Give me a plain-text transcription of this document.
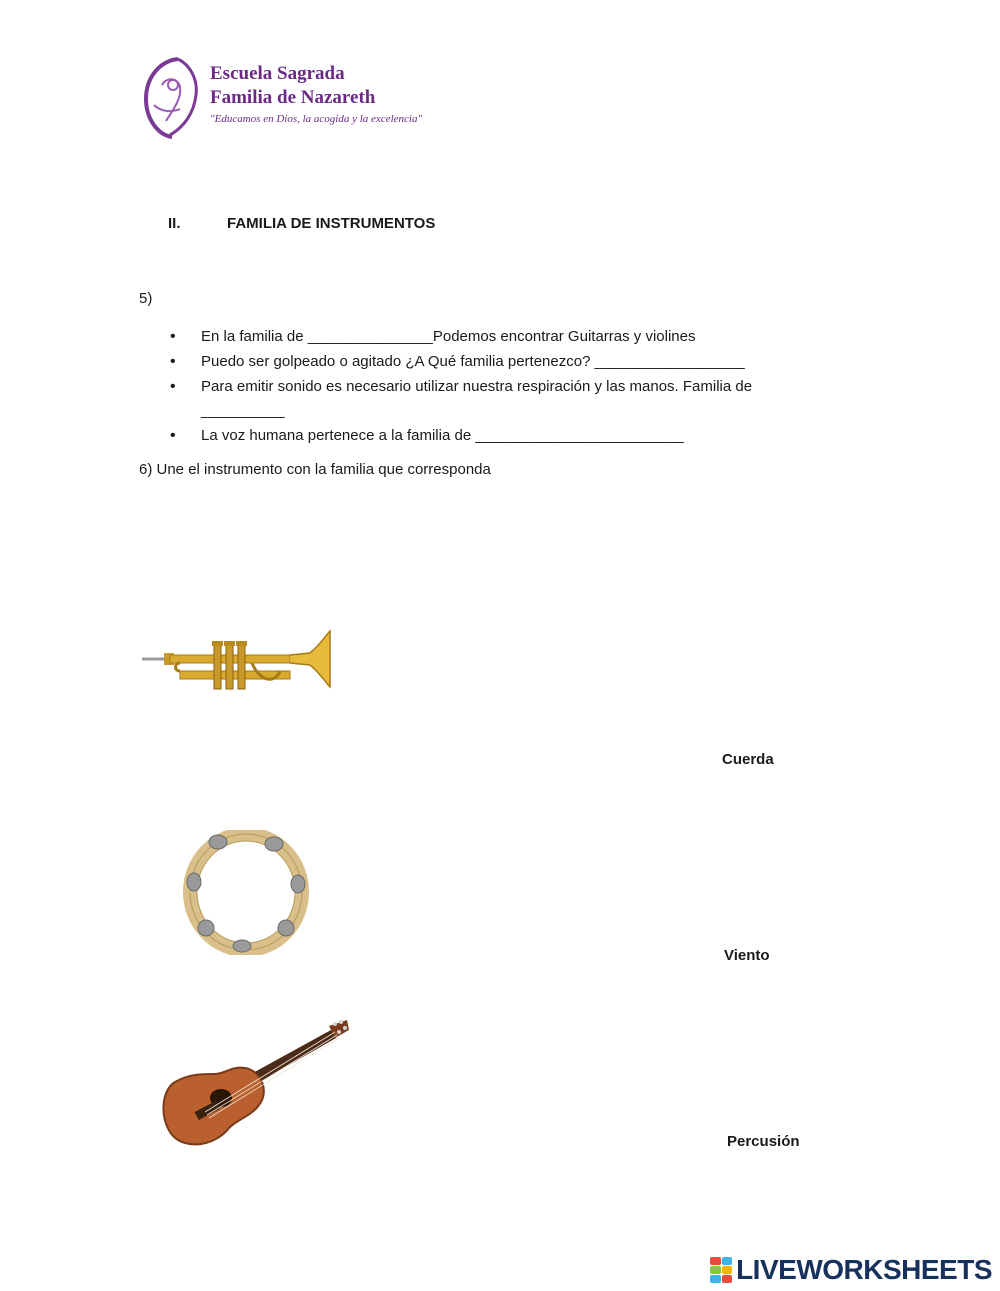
Escuela Sagrada
Familia de Nazareth
"Educamos en Dios, la acogida y la excelencia"
II.	FAMILIA DE INSTRUMENTOS
5)
• En la familia de _______________Podemos encontrar Guitarras y violines
• Puedo ser golpeado o agitado ¿A Qué familia pertenezco? __________________
• Para emitir sonido es necesario utilizar nuestra respiración y las manos. Familia de __________
• La voz humana pertenece a la familia de _________________________
6) Une el instrumento con la familia que corresponda
Cuerda
Viento
Percusión
LIVEWORKSHEETS
